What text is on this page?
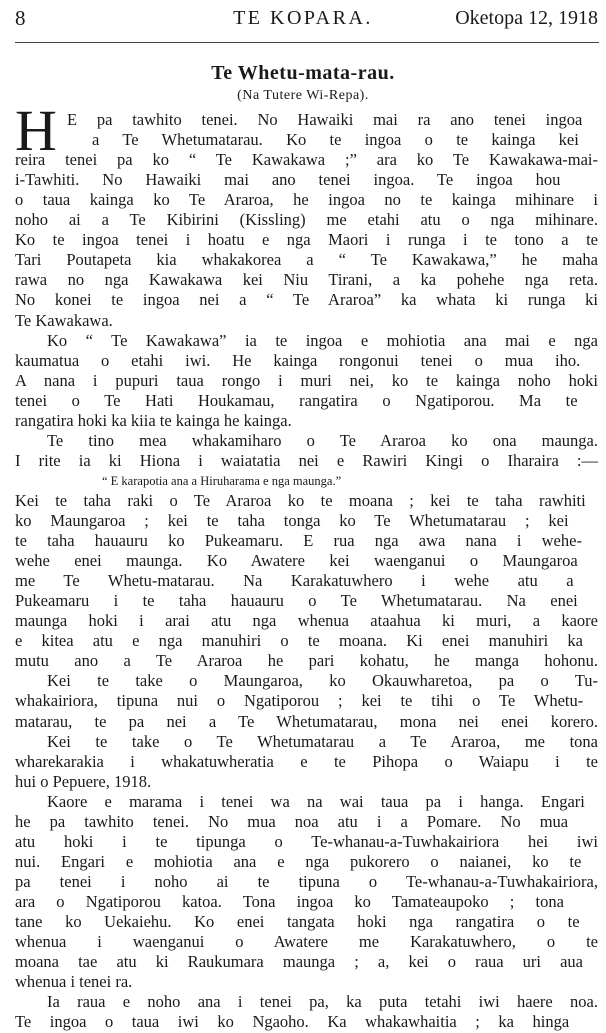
8	TE KOPARA.	Oketopa 12, 1918
Te Whetu-mata-rau.
(Na Tutere Wi-Repa).
H E pa tawhito tenei. No Hawaiki mai ra ano tenei ingoa
a Te Whetumatarau. Ko te ingoa o te kainga kei
reira tenei pa ko “ Te Kawakawa ;” ara ko Te Kawakawa-mai-
i-Tawhiti. No Hawaiki mai ano tenei ingoa. Te ingoa hou
o taua kainga ko Te Araroa, he ingoa no te kainga mihinare i
noho ai a Te Kibirini (Kissling) me etahi atu o nga mihinare.
Ko te ingoa tenei i hoatu e nga Maori i runga i te tono a te
Tari Poutapeta kia whakakorea a “ Te Kawakawa,” he maha
rawa no nga Kawakawa kei Niu Tirani, a ka pohehe nga reta.
No konei te ingoa nei a “ Te Araroa” ka whata ki runga ki
Te Kawakawa.
Ko “ Te Kawakawa” ia te ingoa e mohiotia ana mai e nga
kaumatua o etahi iwi. He kainga rongonui tenei o mua iho.
A nana i pupuri taua rongo i muri nei, ko te kainga noho hoki
tenei o Te Hati Houkamau, rangatira o Ngatiporou. Ma te
rangatira hoki ka kiia te kainga he kainga.
Te tino mea whakamiharo o Te Araroa ko ona maunga.
I rite ia ki Hiona i waiatatia nei e Rawiri Kingi o Iharaira :—
“ E karapotia ana a Hiruharama e nga maunga.”
Kei te taha raki o Te Araroa ko te moana ; kei te taha rawhiti
ko Maungaroa ; kei te taha tonga ko Te Whetumatarau ; kei
te taha hauauru ko Pukeamaru. E rua nga awa nana i wehe-
wehe enei maunga. Ko Awatere kei waenganui o Maungaroa
me Te Whetu-matarau. Na Karakatuwhero i wehe atu a
Pukeamaru i te taha hauauru o Te Whetumatarau. Na enei
maunga hoki i arai atu nga whenua ataahua ki muri, a kaore
e kitea atu e nga manuhiri o te moana. Ki enei manuhiri ka
mutu ano a Te Araroa he pari kohatu, he manga hohonu.
Kei te take o Maungaroa, ko Okauwharetoa, pa o Tu-
whakairiora, tipuna nui o Ngatiporou ; kei te tihi o Te Whetu-
matarau, te pa nei a Te Whetumatarau, mona nei enei korero.
Kei te take o Te Whetumatarau a Te Araroa, me tona
wharekarakia i whakatuwheratia e te Pihopa o Waiapu i te
hui o Pepuere, 1918.
Kaore e marama i tenei wa na wai taua pa i hanga. Engari
he pa tawhito tenei. No mua noa atu i a Pomare. No mua
atu hoki i te tipunga o Te-whanau-a-Tuwhakairiora hei iwi
nui. Engari e mohiotia ana e nga pukorero o naianei, ko te
pa tenei i noho ai te tipuna o Te-whanau-a-Tuwhakairiora,
ara o Ngatiporou katoa. Tona ingoa ko Tamateaupoko ; tona
tane ko Uekaiehu. Ko enei tangata hoki nga rangatira o te
whenua i waenganui o Awatere me Karakatuwhero, o te
moana tae atu ki Raukumara maunga ; a, kei o raua uri aua
whenua i tenei ra.
Ia raua e noho ana i tenei pa, ka puta tetahi iwi haere noa.
Te ingoa o taua iwi ko Ngaoho. Ka whakawhaitia ; ka hinga
